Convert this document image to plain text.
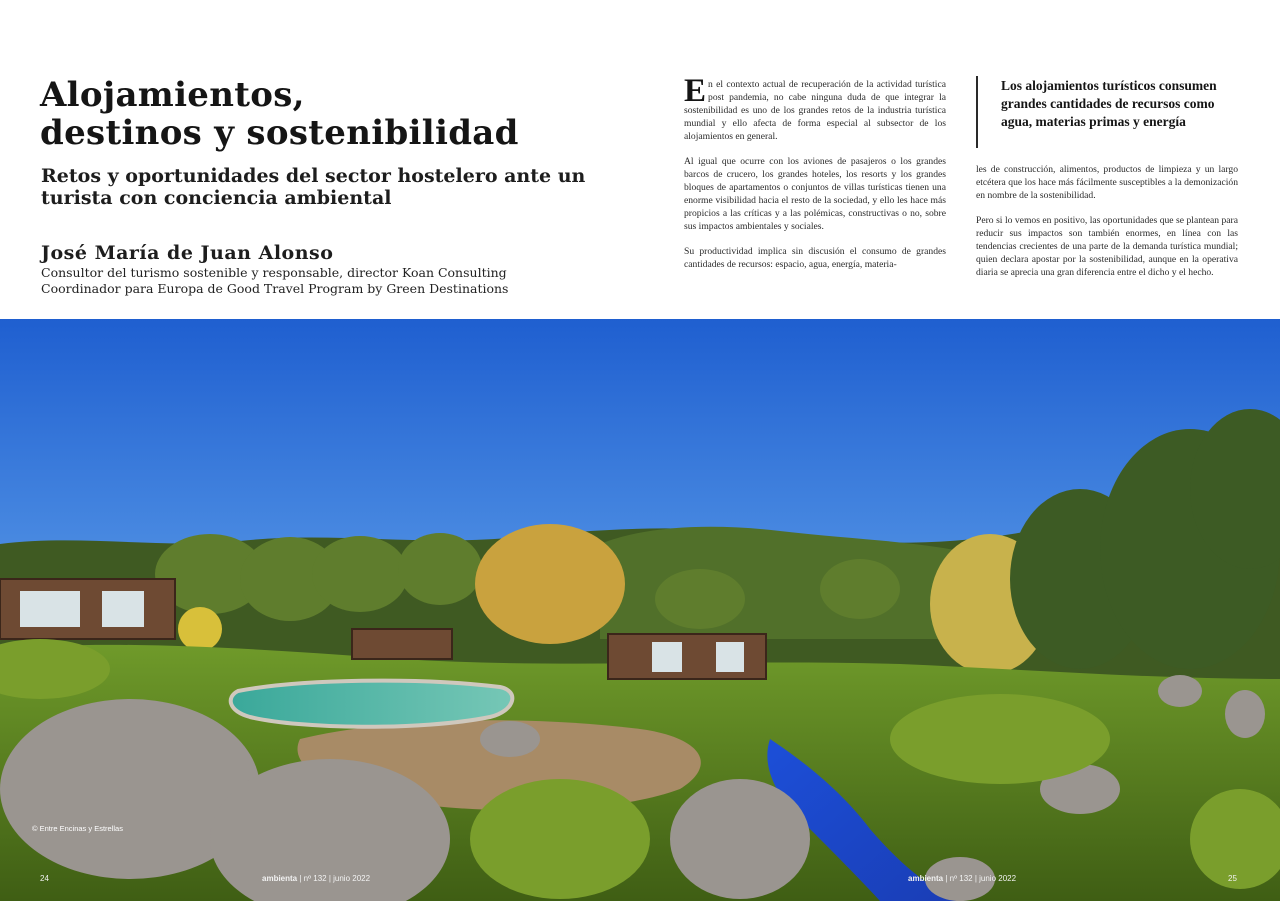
Alojamientos,
destinos y sostenibilidad
Retos y oportunidades del sector hostelero ante un turista con conciencia ambiental
José María de Juan Alonso
Consultor del turismo sostenible y responsable, director Koan Consulting
Coordinador para Europa de Good Travel Program by Green Destinations

En el contexto actual de recuperación de la actividad turística post pandemia, no cabe ninguna duda de que integrar la sostenibilidad es uno de los grandes retos de la industria turística mundial y ello afecta de forma especial al subsector de los alojamientos en general.

Al igual que ocurre con los aviones de pasajeros o los grandes barcos de crucero, los grandes hoteles, los resorts y los grandes bloques de apartamentos o conjuntos de villas turísticas tienen una enorme visibilidad hacia el resto de la sociedad, y ello les hace más propicios a las críticas y a las polémicas, constructivas o no, sobre sus impactos ambientales y sociales.

Su productividad implica sin discusión el consumo de grandes cantidades de recursos: espacio, agua, energía, materia-

Los alojamientos turísticos consumen grandes cantidades de recursos como agua, materias primas y energía

les de construcción, alimentos, productos de limpieza y un largo etcétera que los hace más fácilmente susceptibles a la demonización en nombre de la sostenibilidad.

Pero si lo vemos en positivo, las oportunidades que se plantean para reducir sus impactos son también enormes, en línea con las tendencias crecientes de una parte de la demanda turística mundial; quien declara apostar por la sostenibilidad, aunque en la operativa diaria se aprecia una gran diferencia entre el dicho y el hecho.

© Entre Encinas y Estrellas
24	ambienta | nº 132 | junio 2022	ambienta | nº 132 | junio 2022	25
